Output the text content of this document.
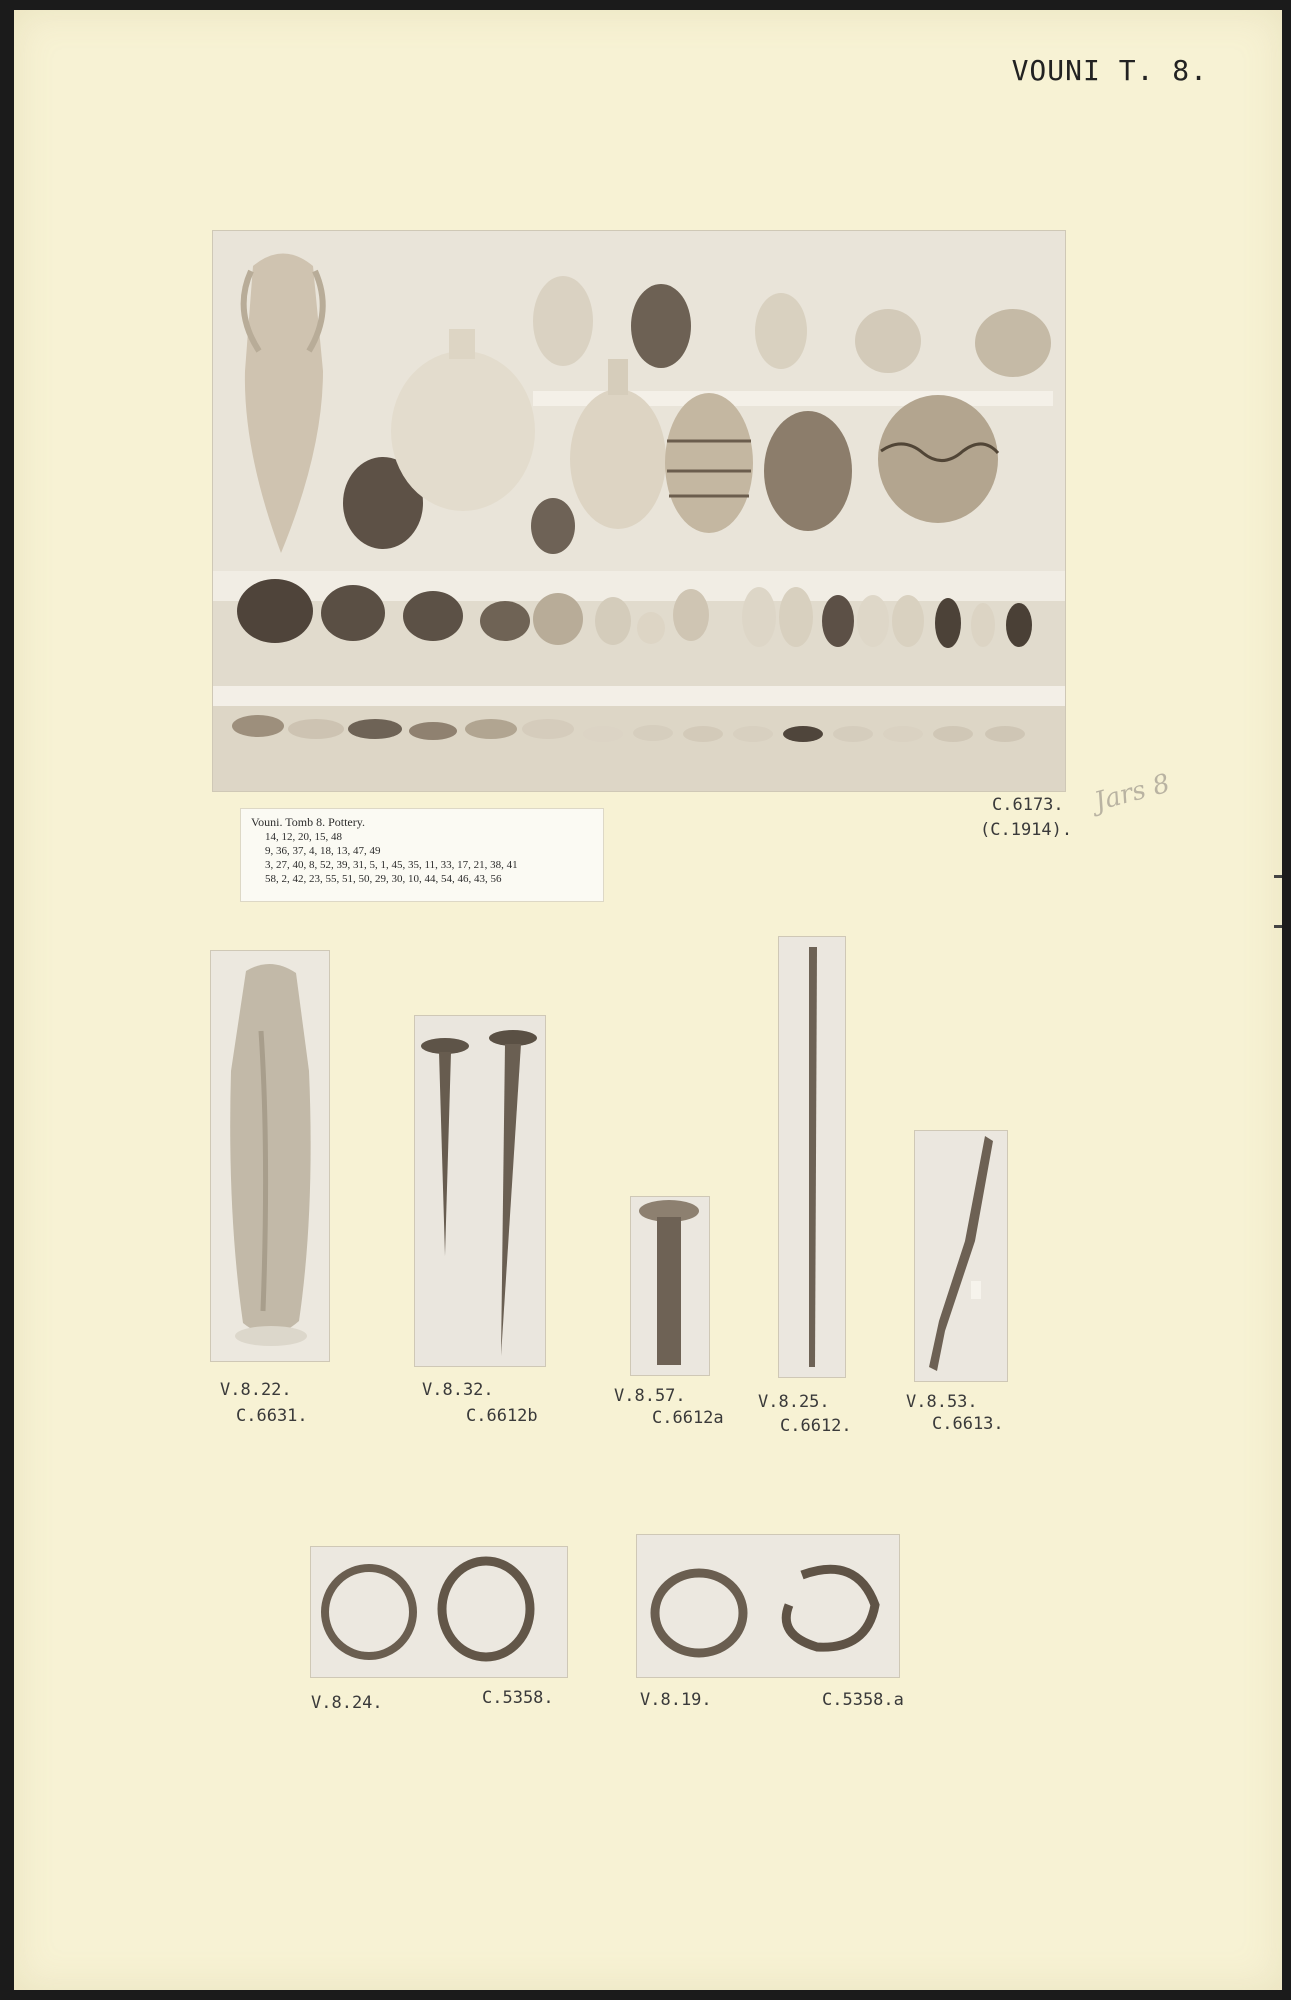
VOUNI T. 8.
Vouni. Tomb 8. Pottery.
14, 12, 20, 15, 48
9, 36, 37, 4, 18, 13, 47, 49
3, 27, 40, 8, 52, 39, 31, 5, 1, 45, 35, 11, 33, 17, 21, 38, 41
58, 2, 42, 23, 55, 51, 50, 29, 30, 10, 44, 54, 46, 43, 56
C.6173.
(C.1914).
Jars 8
V.8.22.
C.6631.
V.8.32.
C.6612b
V.8.57.
C.6612a
V.8.25.
C.6612.
V.8.53.
C.6613.
V.8.24.	C.5358.	V.8.19.	C.5358.a
